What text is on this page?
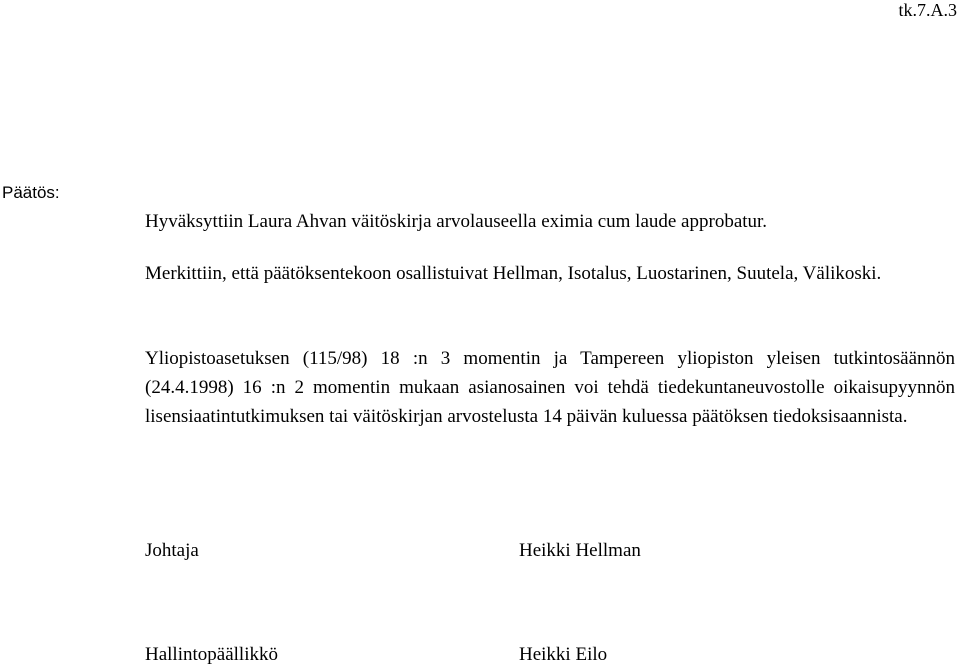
tk.7.A.3
Päätös:

Hyväksyttiin Laura Ahvan väitöskirja arvolauseella eximia cum laude approbatur.

Merkittiin, että päätöksentekoon osallistuivat Hellman, Isotalus, Luostarinen, Suutela, Välikoski.

Yliopistoasetuksen (115/98) 18 :n 3 momentin ja Tampereen yliopiston yleisen tutkintosäännön (24.4.1998) 16 :n 2 momentin mukaan asianosainen voi tehdä tiedekuntaneuvostolle oikaisupyynnön lisensiaatintutkimuksen tai väitöskirjan arvostelusta 14 päivän kuluessa päätöksen tiedoksisaannista.

Johtaja	Heikki Hellman
Hallintopäällikkö	Heikki Eilo
